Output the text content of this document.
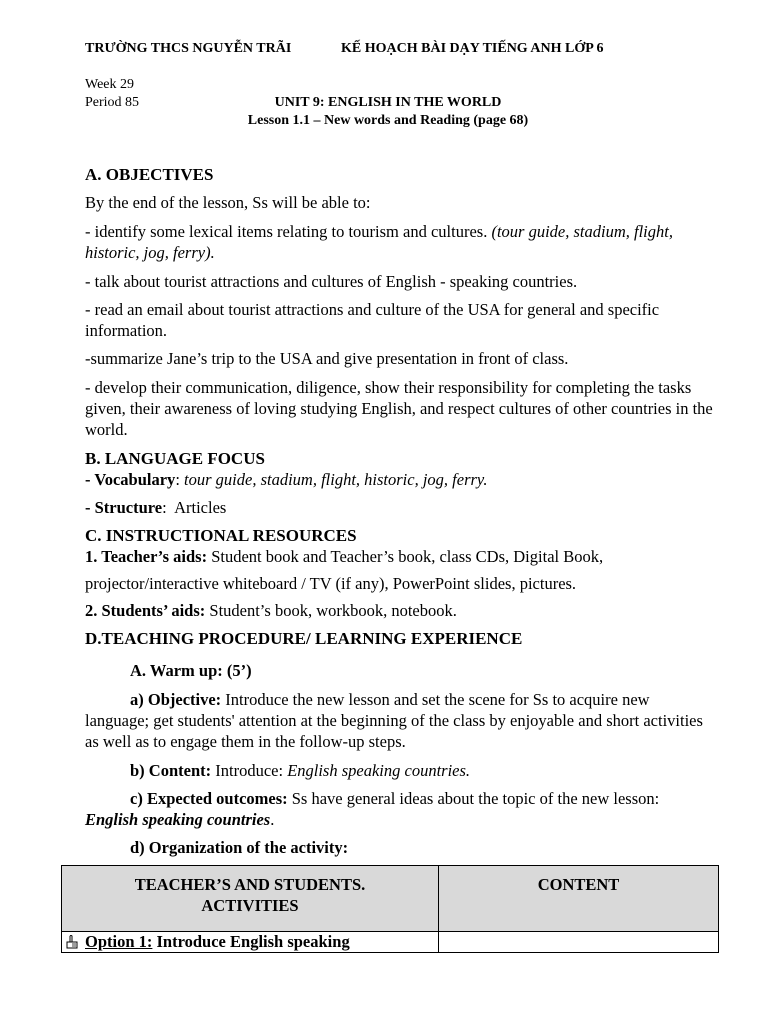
TRƯỜNG THCS NGUYỄN TRÃI	KẾ HOẠCH BÀI DẠY TIẾNG ANH LỚP 6
Week 29
Period 85	UNIT 9: ENGLISH IN THE WORLD
Lesson 1.1 – New words and Reading (page 68)
A. OBJECTIVES
By the end of the lesson, Ss will be able to:
- identify some lexical items relating to tourism and cultures. (tour guide, stadium, flight, historic, jog, ferry).
- talk about tourist attractions and cultures of English - speaking countries.
- read an email about tourist attractions and culture of the USA for general and specific information.
-summarize Jane’s trip to the USA and give presentation in front of class.
- develop their communication, diligence, show their responsibility for completing the tasks given, their awareness of loving studying English, and respect cultures of other countries in the world.
B. LANGUAGE FOCUS
- Vocabulary: tour guide, stadium, flight, historic, jog, ferry.
- Structure:  Articles
C. INSTRUCTIONAL RESOURCES
1. Teacher’s aids: Student book and Teacher’s book, class CDs, Digital Book,
projector/interactive whiteboard / TV (if any), PowerPoint slides, pictures.
2. Students’ aids: Student’s book, workbook, notebook.
D.TEACHING PROCEDURE/ LEARNING EXPERIENCE
A. Warm up: (5’)
a) Objective: Introduce the new lesson and set the scene for Ss to acquire new language; get students' attention at the beginning of the class by enjoyable and short activities as well as to engage them in the follow-up steps.
b) Content: Introduce: English speaking countries.
c) Expected outcomes: Ss have general ideas about the topic of the new lesson: English speaking countries.
d) Organization of the activity:
TEACHER’S AND STUDENTS. ACTIVITIES	CONTENT
Option 1: Introduce English speaking	
